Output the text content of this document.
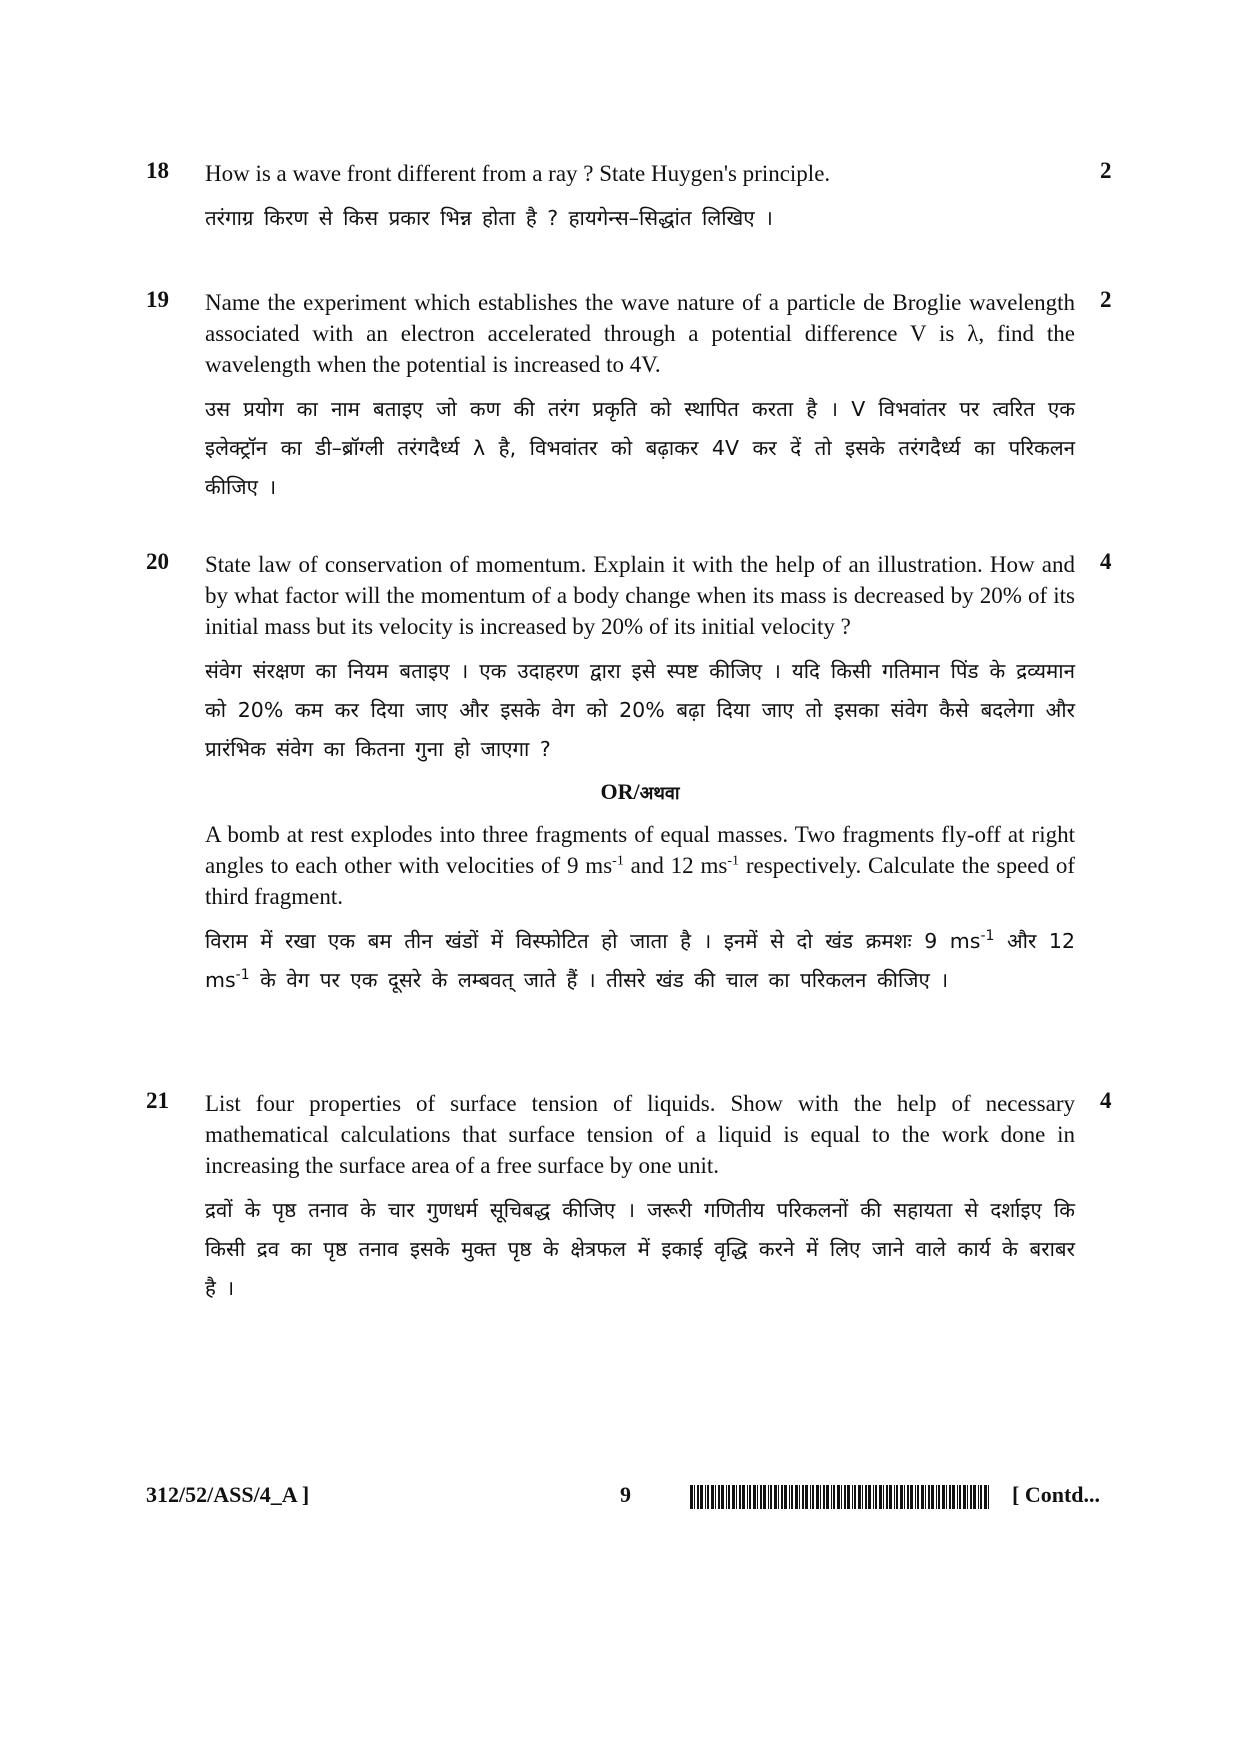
18	2

How is a wave front different from a ray ? State Huygen's principle.

तरंगाग्र किरण से किस प्रकार भिन्न होता है ? हायगेन्स–सिद्धांत लिखिए ।

19	2

Name the experiment which establishes the wave nature of a particle de Broglie wavelength associated with an electron accelerated through a potential difference V is λ, find the wavelength when the potential is increased to 4V.

उस प्रयोग का नाम बताइए जो कण की तरंग प्रकृति को स्थापित करता है । V विभवांतर पर त्वरित एक इलेक्ट्रॉन का डी–ब्रॉग्ली तरंगदैर्ध्य λ है, विभवांतर को बढ़ाकर 4V कर दें तो इसके तरंगदैर्ध्य का परिकलन कीजिए ।

20	4

State law of conservation of momentum. Explain it with the help of an illustration. How and by what factor will the momentum of a body change when its mass is decreased by 20% of its initial mass but its velocity is increased by 20% of its initial velocity ?

संवेग संरक्षण का नियम बताइए । एक उदाहरण द्वारा इसे स्पष्ट कीजिए । यदि किसी गतिमान पिंड के द्रव्यमान को 20% कम कर दिया जाए और इसके वेग को 20% बढ़ा दिया जाए तो इसका संवेग कैसे बदलेगा और प्रारंभिक संवेग का कितना गुना हो जाएगा ?

OR/अथवा

A bomb at rest explodes into three fragments of equal masses. Two fragments fly-off at right angles to each other with velocities of 9 $ms^{-1}$ and 12 $ms^{-1}$ respectively. Calculate the speed of third fragment.

विराम में रखा एक बम तीन खंडों में विस्फोटित हो जाता है । इनमें से दो खंड क्रमशः 9 $ms^{-1}$ और 12 $ms^{-1}$ के वेग पर एक दूसरे के लम्बवत् जाते हैं । तीसरे खंड की चाल का परिकलन कीजिए ।

21	4

List four properties of surface tension of liquids. Show with the help of necessary mathematical calculations that surface tension of a liquid is equal to the work done in increasing the surface area of a free surface by one unit.

द्रवों के पृष्ठ तनाव के चार गुणधर्म सूचिबद्ध कीजिए । जरूरी गणितीय परिकलनों की सहायता से दर्शाइए कि किसी द्रव का पृष्ठ तनाव इसके मुक्त पृष्ठ के क्षेत्रफल में इकाई वृद्धि करने में लिए जाने वाले कार्य के बराबर है ।

312/52/ASS/4_A ]	9	[ Contd...
